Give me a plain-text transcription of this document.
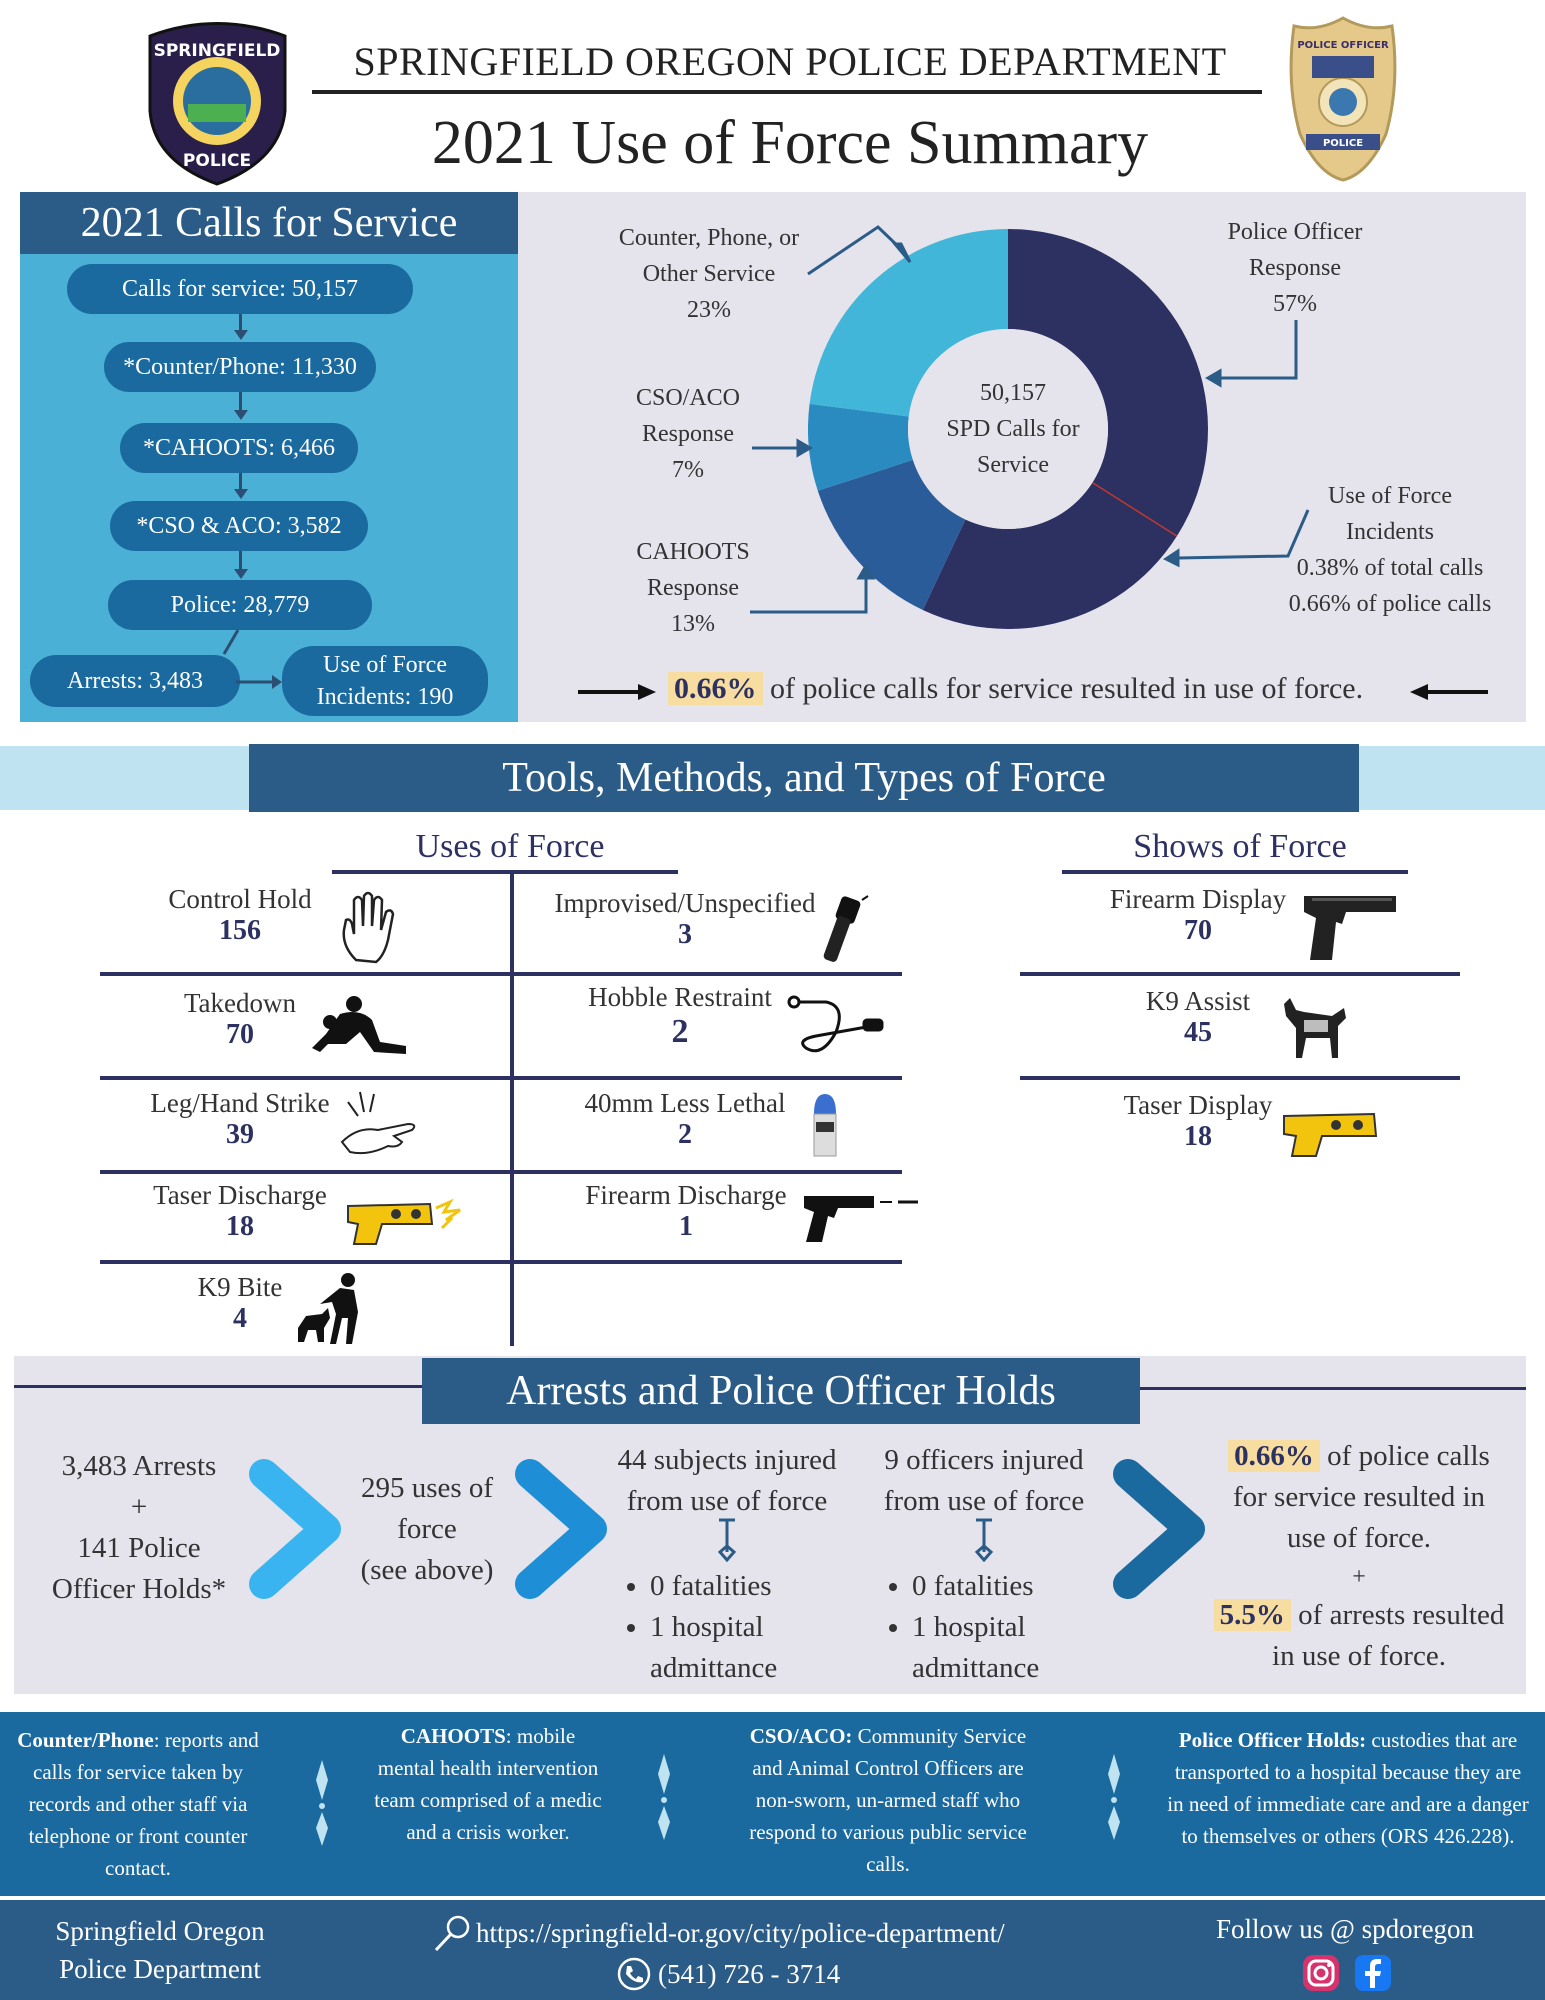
SPRINGFIELD
POLICE
SPRINGFIELD OREGON POLICE DEPARTMENT
2021 Use of Force Summary
POLICE OFFICER
POLICE
2021 Calls for Service
Calls for service: 50,157
*Counter/Phone: 11,330
*CAHOOTS: 6,466
*CSO & ACO: 3,582
Police: 28,779
Arrests: 3,483
Use of Force
Incidents: 190
50,157
SPD Calls for
Service
Police Officer
Response
57%
Counter, Phone, or
Other Service
23%
CSO/ACO
Response
7%
CAHOOTS
Response
13%
Use of Force
Incidents
0.38% of total calls
0.66% of police calls
0.66% of police calls for service resulted in use of force.
Tools, Methods, and Types of Force
Uses of Force	Shows of Force
Control Hold
156
Takedown
70
Leg/Hand Strike
39
Taser Discharge
18
K9 Bite
4
Improvised/Unspecified
3
Hobble Restraint
2
40mm Less Lethal
2
Firearm Discharge
1
Firearm Display
70
K9 Assist
45
Taser Display
18
Arrests and Police Officer Holds
3,483 Arrests
+
141 Police
Officer Holds*
295 uses of
force
(see above)
44 subjects injured
from use of force
• 0 fatalities
• 1 hospital
admittance
9 officers injured
from use of force
• 0 fatalities
• 1 hospital
admittance
0.66% of police calls
for service resulted in
use of force.
+
5.5% of arrests resulted
in use of force.
Counter/Phone: reports and calls for service taken by records and other staff via telephone or front counter contact.
CAHOOTS: mobile mental health intervention team comprised of a medic and a crisis worker.
CSO/ACO: Community Service and Animal Control Officers are non-sworn, un-armed staff who respond to various public service calls.
Police Officer Holds: custodies that are transported to a hospital because they are in need of immediate care and are a danger to themselves or others (ORS 426.228).
Springfield Oregon
Police Department
https://springfield-or.gov/city/police-department/
(541) 726 - 3714
Follow us @ spdoregon
